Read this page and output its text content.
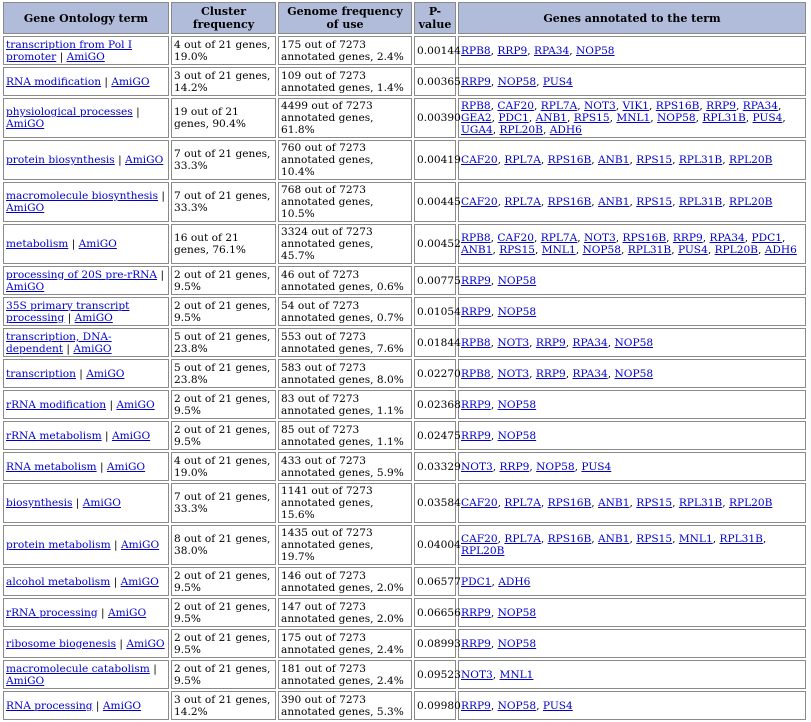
Gene Ontology term	Cluster frequency	Genome frequency of use	P-value	Genes annotated to the term
transcription from Pol I promoter | AmiGO	4 out of 21 genes, 19.0%	175 out of 7273 annotated genes, 2.4%	0.00144	RPB8, RRP9, RPA34, NOP58
RNA modification | AmiGO	3 out of 21 genes, 14.2%	109 out of 7273 annotated genes, 1.4%	0.00365	RRP9, NOP58, PUS4
physiological processes | AmiGO	19 out of 21 genes, 90.4%	4499 out of 7273 annotated genes, 61.8%	0.00390	RPB8, CAF20, RPL7A, NOT3, VIK1, RPS16B, RRP9, RPA34, GEA2, PDC1, ANB1, RPS15, MNL1, NOP58, RPL31B, PUS4, UGA4, RPL20B, ADH6
protein biosynthesis | AmiGO	7 out of 21 genes, 33.3%	760 out of 7273 annotated genes, 10.4%	0.00419	CAF20, RPL7A, RPS16B, ANB1, RPS15, RPL31B, RPL20B
macromolecule biosynthesis | AmiGO	7 out of 21 genes, 33.3%	768 out of 7273 annotated genes, 10.5%	0.00445	CAF20, RPL7A, RPS16B, ANB1, RPS15, RPL31B, RPL20B
metabolism | AmiGO	16 out of 21 genes, 76.1%	3324 out of 7273 annotated genes, 45.7%	0.00452	RPB8, CAF20, RPL7A, NOT3, RPS16B, RRP9, RPA34, PDC1, ANB1, RPS15, MNL1, NOP58, RPL31B, PUS4, RPL20B, ADH6
processing of 20S pre-rRNA | AmiGO	2 out of 21 genes, 9.5%	46 out of 7273 annotated genes, 0.6%	0.00775	RRP9, NOP58
35S primary transcript processing | AmiGO	2 out of 21 genes, 9.5%	54 out of 7273 annotated genes, 0.7%	0.01054	RRP9, NOP58
transcription, DNA-dependent | AmiGO	5 out of 21 genes, 23.8%	553 out of 7273 annotated genes, 7.6%	0.01844	RPB8, NOT3, RRP9, RPA34, NOP58
transcription | AmiGO	5 out of 21 genes, 23.8%	583 out of 7273 annotated genes, 8.0%	0.02270	RPB8, NOT3, RRP9, RPA34, NOP58
rRNA modification | AmiGO	2 out of 21 genes, 9.5%	83 out of 7273 annotated genes, 1.1%	0.02368	RRP9, NOP58
rRNA metabolism | AmiGO	2 out of 21 genes, 9.5%	85 out of 7273 annotated genes, 1.1%	0.02475	RRP9, NOP58
RNA metabolism | AmiGO	4 out of 21 genes, 19.0%	433 out of 7273 annotated genes, 5.9%	0.03329	NOT3, RRP9, NOP58, PUS4
biosynthesis | AmiGO	7 out of 21 genes, 33.3%	1141 out of 7273 annotated genes, 15.6%	0.03584	CAF20, RPL7A, RPS16B, ANB1, RPS15, RPL31B, RPL20B
protein metabolism | AmiGO	8 out of 21 genes, 38.0%	1435 out of 7273 annotated genes, 19.7%	0.04004	CAF20, RPL7A, RPS16B, ANB1, RPS15, MNL1, RPL31B, RPL20B
alcohol metabolism | AmiGO	2 out of 21 genes, 9.5%	146 out of 7273 annotated genes, 2.0%	0.06577	PDC1, ADH6
rRNA processing | AmiGO	2 out of 21 genes, 9.5%	147 out of 7273 annotated genes, 2.0%	0.06656	RRP9, NOP58
ribosome biogenesis | AmiGO	2 out of 21 genes, 9.5%	175 out of 7273 annotated genes, 2.4%	0.08993	RRP9, NOP58
macromolecule catabolism | AmiGO	2 out of 21 genes, 9.5%	181 out of 7273 annotated genes, 2.4%	0.09523	NOT3, MNL1
RNA processing | AmiGO	3 out of 21 genes, 14.2%	390 out of 7273 annotated genes, 5.3%	0.09980	RRP9, NOP58, PUS4
